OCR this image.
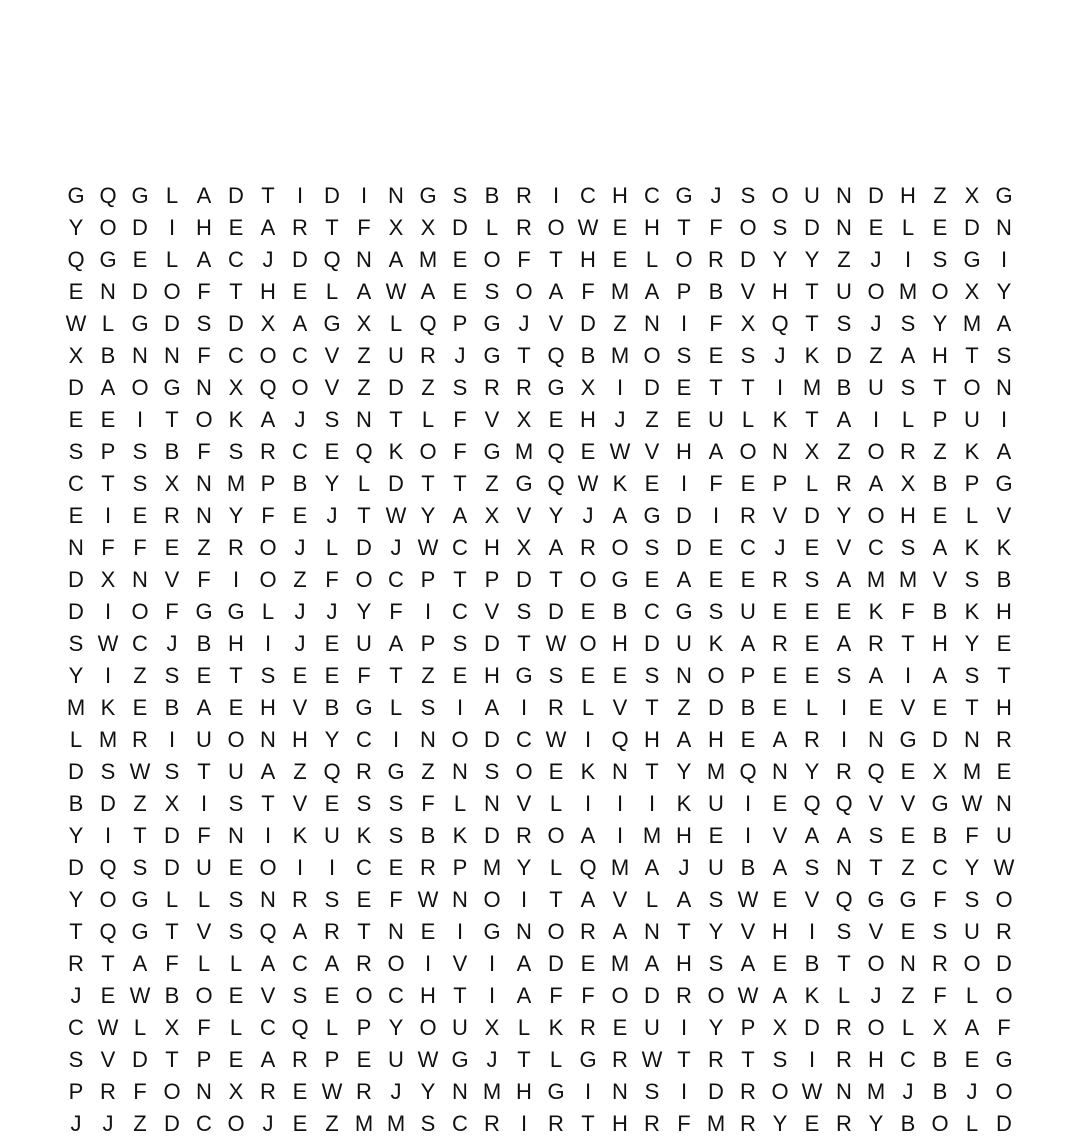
G Q G L A D T	I D I N G S B R I C H C G J S O U N D H Z X G
Y O D I H E A R T F X X D L R O W E H T F O S D N E L E D N
Q G E L A C J D Q N A M E O F T H E L O R D Y Y Z J	I S G I
E N D O F T H E L A W A E S O A F M A P B V H T U O M O X Y
W L G D S D X A G X L Q P G J V D Z N I	F X Q T S J S Y M A
X B N N F C O C V Z U R J G T Q B M O S E S J K D Z A H T S
D A O G N X Q O V Z D Z S R R G X I D E T T	I M B U S T O N
E E I	T O K A J S N T L F V X E H J Z E U L K T A I	L P U I
S P S B F S R C E Q K O F G M Q E W V H A O N X Z O R Z K A
C T S X N M P B Y L D T T Z G Q W K E I	F E P L R A X B P G
E I E R N Y F E J T W Y A X V Y J A G D I R V D Y O H E L V
N F F E Z R O J L D J W C H X A R O S D E C J E V C S A K K
D X N V F	I O Z F O C P T P D T O G E A E E R S A M M V S B
D I O F G G L J J Y F	I C V S D E B C G S U E E E K F B K H
S W C J B H I	J E U A P S D T W O H D U K A R E A R T H Y E
Y I	Z S E T S E E F T Z E H G S E E S N O P E E S A I A S T
M K E B A E H V B G L S I A I R L V T Z D B E L	I E V E T H
L M R I U O N H Y C I N O D C W I Q H A H E A R I N G D N R
D S W S T U A Z Q R G Z N S O E K N T Y M Q N Y R Q E X M E
B D Z X I S T V E S S F L N V L	I	I	I K U I E Q Q V V G W N
Y I	T D F N I K U K S B K D R O A I M H E I V A A S E B F U
D Q S D U E O I	I C E R P M Y L Q M A J U B A S N T Z C Y W
Y O G L L S N R S E F W N O I	T A V L A S W E V Q G G F S O
T Q G T V S Q A R T N E I G N O R A N T Y V H I S V E S U R
R T A F L L A C A R O I V I A D E M A H S A E B T O N R O D
J E W B O E V S E O C H T	I A F F O D R O W A K L J Z F L O
C W L X F L C Q L P Y O U X L K R E U I Y P X D R O L X A F
S V D T P E A R P E U W G J T L G R W T R T S I R H C B E G
P R F O N X R E W R J Y N M H G I N S I D R O W N M J B J O
J J Z D C O J E Z M M S C R I R T H R F M R Y E R Y B O L D
